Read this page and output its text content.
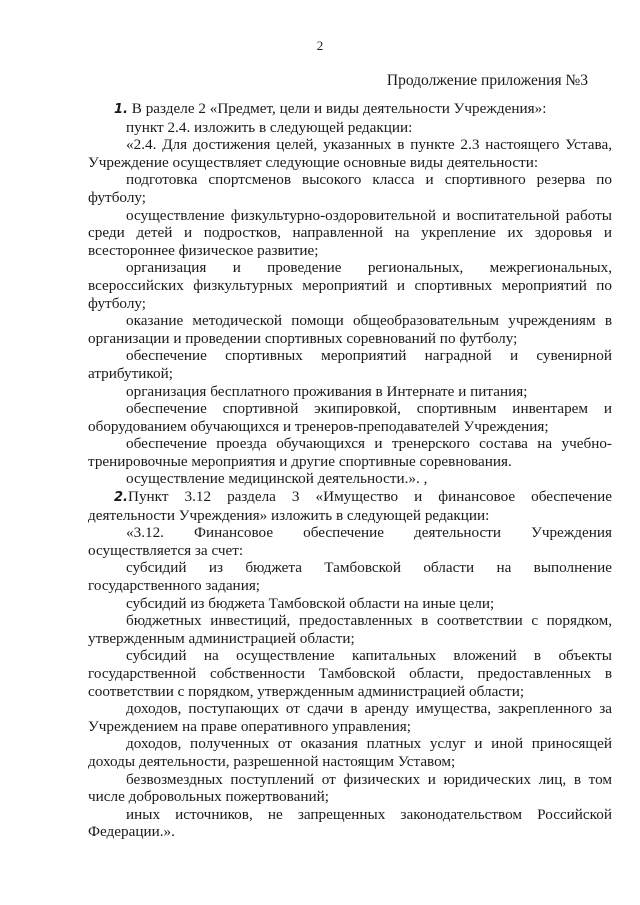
2
Продолжение приложения №3

1. В разделе 2 «Предмет, цели и виды деятельности Учреждения»:

пункт 2.4. изложить в следующей редакции:

«2.4. Для достижения целей, указанных в пункте 2.3 настоящего Устава, Учреждение осуществляет следующие основные виды деятельности:

подготовка спортсменов высокого класса и спортивного резерва по футболу;

осуществление физкультурно-оздоровительной и воспитательной работы среди детей и подростков, направленной на укрепление их здоровья и всестороннее физическое развитие;

организация и проведение региональных, межрегиональных, всероссийских физкультурных мероприятий и спортивных мероприятий по футболу;

оказание методической помощи общеобразовательным учреждениям в организации и проведении спортивных соревнований по футболу;

обеспечение спортивных мероприятий наградной и сувенирной атрибутикой;

организация бесплатного проживания в Интернате и питания;

обеспечение спортивной экипировкой, спортивным инвентарем и оборудованием обучающихся и тренеров-преподавателей Учреждения;

обеспечение проезда обучающихся и тренерского состава на учебно-тренировочные мероприятия и другие спортивные соревнования.

осуществление медицинской деятельности.». ,

2.Пункт 3.12 раздела 3 «Имущество и финансовое обеспечение деятельности Учреждения» изложить в следующей редакции:

«3.12. Финансовое обеспечение деятельности Учреждения осуществляется за счет:

субсидий из бюджета Тамбовской области на выполнение государственного задания;

субсидий из бюджета Тамбовской области на иные цели;

бюджетных инвестиций, предоставленных в соответствии с порядком, утвержденным администрацией области;

субсидий на осуществление капитальных вложений в объекты государственной собственности Тамбовской области, предоставленных в соответствии с порядком, утвержденным администрацией области;

доходов, поступающих от сдачи в аренду имущества, закрепленного за Учреждением на праве оперативного управления;

доходов, полученных от оказания платных услуг и иной приносящей доходы деятельности, разрешенной настоящим Уставом;

безвозмездных поступлений от физических и юридических лиц, в том числе добровольных пожертвований;

иных источников, не запрещенных законодательством Российской Федерации.».
